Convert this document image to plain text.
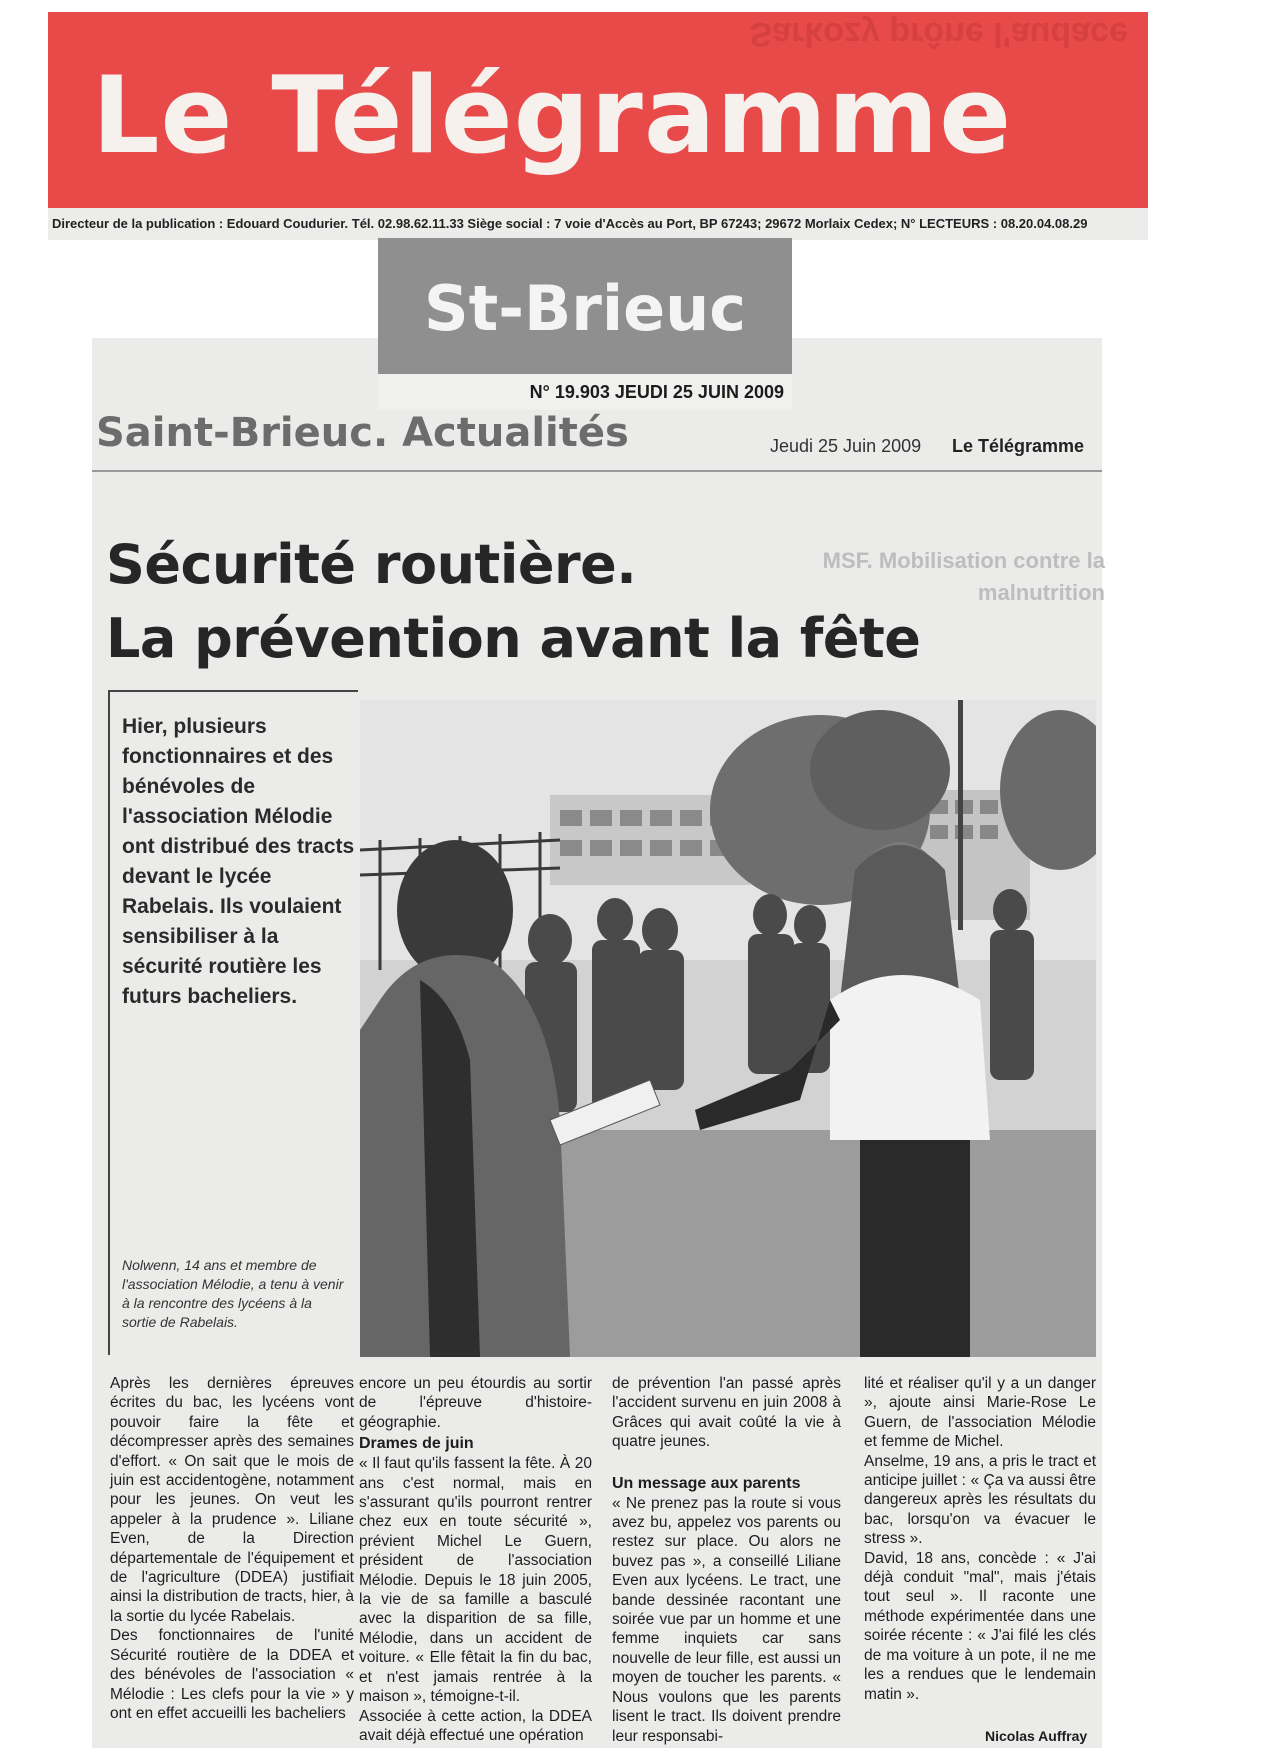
Sarkozy prône l'audace
Le Télégramme
Directeur de la publication : Edouard Coudurier. Tél. 02.98.62.11.33 Siège social : 7 voie d'Accès au Port, BP 67243; 29672 Morlaix Cedex; N° LECTEURS : 08.20.04.08.29
St-Brieuc
N° 19.903 JEUDI 25 JUIN 2009
Saint-Brieuc. Actualités	Jeudi 25 Juin 2009 Le Télégramme
MSF. Mobilisation contre la malnutrition
Sécurité routière.
La prévention avant la fête
Hier, plusieurs fonctionnaires et des bénévoles de l'association Mélodie ont distribué des tracts devant le lycée Rabelais. Ils voulaient sensibiliser à la sécurité routière les futurs bacheliers.
Nolwenn, 14 ans et membre de l'association Mélodie, a tenu à venir à la rencontre des lycéens à la sortie de Rabelais.

Après les dernières épreuves écrites du bac, les lycéens vont pouvoir faire la fête et décompresser après des semaines d'effort. « On sait que le mois de juin est accidentogène, notamment pour les jeunes. On veut les appeler à la prudence ». Liliane Even, de la Direction départementale de l'équipement et de l'agriculture (DDEA) justifiait ainsi la distribution de tracts, hier, à la sortie du lycée Rabelais.

Des fonctionnaires de l'unité Sécurité routière de la DDEA et des bénévoles de l'association « Mélodie : Les clefs pour la vie » y ont en effet accueilli les bacheliers

encore un peu étourdis au sortir de l'épreuve d'histoire-géographie.

Drames de juin

« Il faut qu'ils fassent la fête. À 20 ans c'est normal, mais en s'assurant qu'ils pourront rentrer chez eux en toute sécurité », prévient Michel Le Guern, président de l'association Mélodie. Depuis le 18 juin 2005, la vie de sa famille a basculé avec la disparition de sa fille, Mélodie, dans un accident de voiture. « Elle fêtait la fin du bac, et n'est jamais rentrée à la maison », témoigne-t-il.

Associée à cette action, la DDEA avait déjà effectué une opération

de prévention l'an passé après l'accident survenu en juin 2008 à Grâces qui avait coûté la vie à quatre jeunes.

Un message aux parents

« Ne prenez pas la route si vous avez bu, appelez vos parents ou restez sur place. Ou alors ne buvez pas », a conseillé Liliane Even aux lycéens. Le tract, une bande dessinée racontant une soirée vue par un homme et une femme inquiets car sans nouvelle de leur fille, est aussi un moyen de toucher les parents. « Nous voulons que les parents lisent le tract. Ils doivent prendre leur responsabi-

lité et réaliser qu'il y a un danger », ajoute ainsi Marie-Rose Le Guern, de l'association Mélodie et femme de Michel.

Anselme, 19 ans, a pris le tract et anticipe juillet : « Ça va aussi être dangereux après les résultats du bac, lorsqu'on va évacuer le stress ».

David, 18 ans, concède : « J'ai déjà conduit "mal", mais j'étais tout seul ». Il raconte une méthode expérimentée dans une soirée récente : « J'ai filé les clés de ma voiture à un pote, il ne me les a rendues que le lendemain matin ».

Nicolas Auffray
